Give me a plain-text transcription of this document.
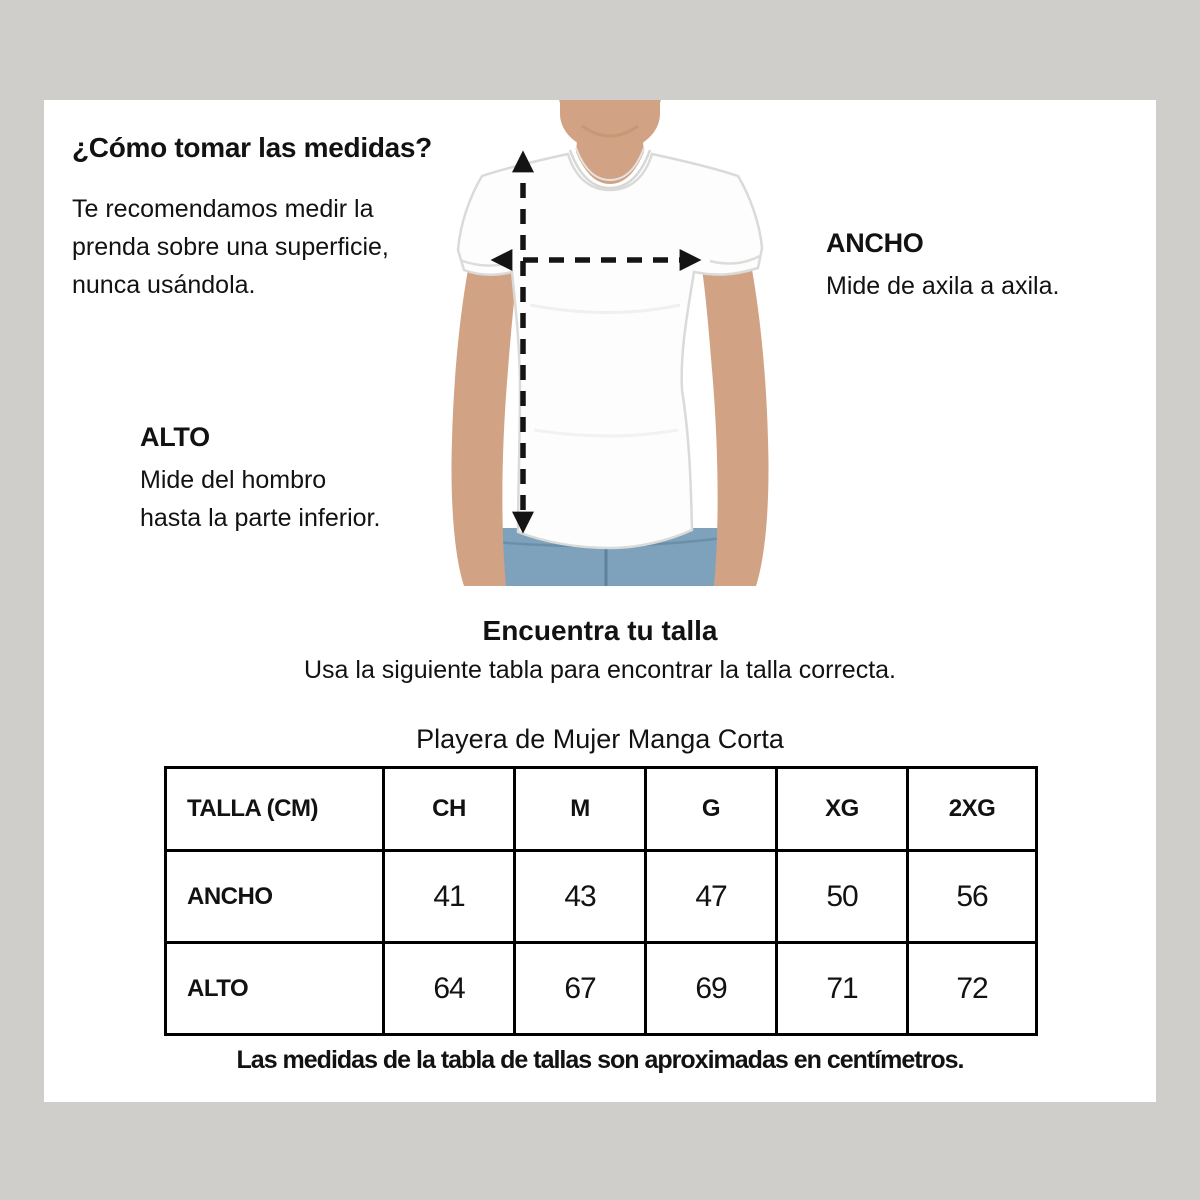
¿Cómo tomar las medidas?
Te recomendamos medir la
prenda sobre una superficie,
nunca usándola.
ANCHO
Mide de axila a axila.
ALTO
Mide del hombro
hasta la parte inferior.
Encuentra tu talla
Usa la siguiente tabla para encontrar la talla correcta.
Playera de Mujer Manga Corta
TALLA (CM)	CH	M	G	XG	2XG
ANCHO	41	43	47	50	56
ALTO	64	67	69	71	72
Las medidas de la tabla de tallas son aproximadas en centímetros.
